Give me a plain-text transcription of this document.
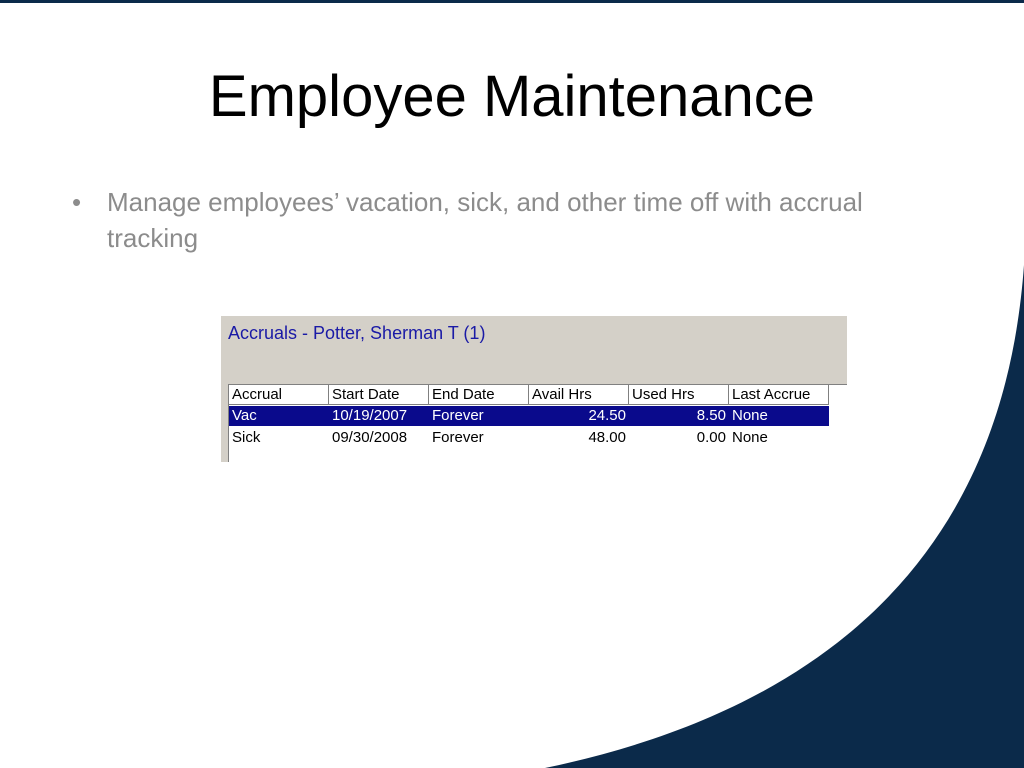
Employee Maintenance
• Manage employees’ vacation, sick, and other time off with accrual tracking
Accruals - Potter, Sherman T (1)
Accrual	Start Date	End Date	Avail Hrs	Used Hrs	Last Accrue
Vac	10/19/2007	Forever	24.50	8.50 None
Sick	09/30/2008	Forever	48.00	0.00 None
